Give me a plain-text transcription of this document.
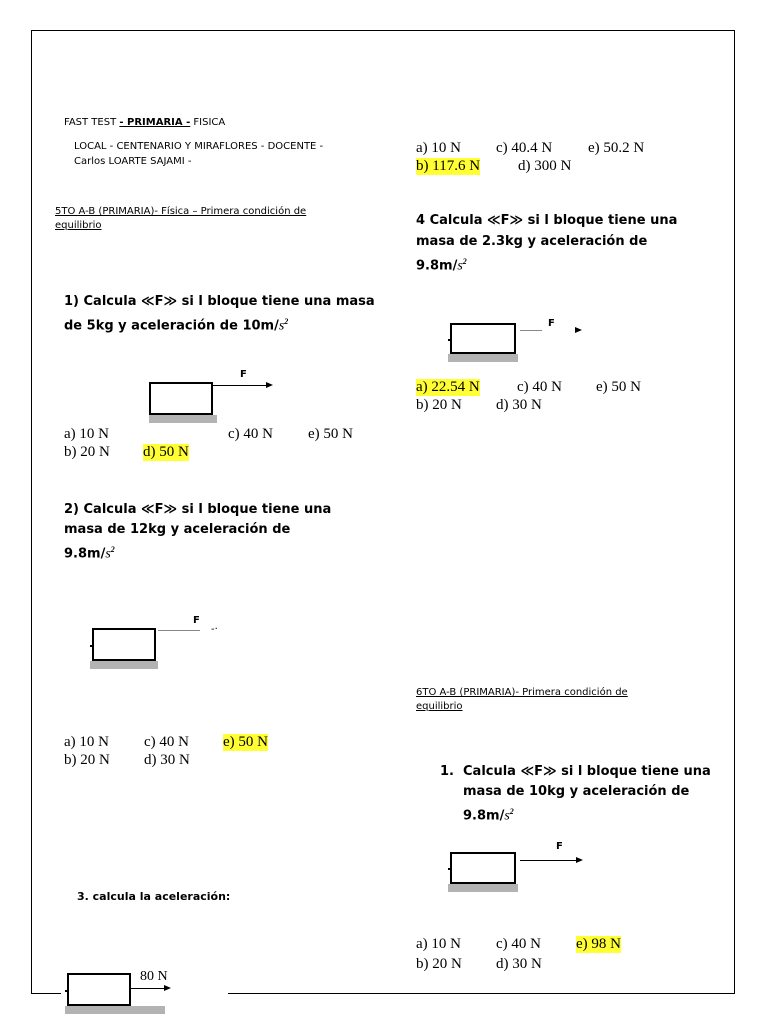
FAST TEST - PRIMARIA - FISICA
LOCAL - CENTENARIO Y MIRAFLORES - DOCENTE -
Carlos LOARTE SAJAMI -
5TO A-B (PRIMARIA)- Física – Primera condición de
equilibrio
1) Calcula ≪F≫ si l bloque tiene una masa
de 5kg y aceleración de $10m/s^2$
F
a) 10 N	c) 40 N e) 50 N
b) 20 N d) 50 N
2) Calcula ≪F≫ si l bloque tiene una
masa de 12kg y aceleración de
$9.8m/s^2$
-·
F
a) 10 N c) 40 N e) 50 N
b) 20 N d) 30 N
3. calcula la aceleración:
80 N
a) 10 N c) 40.4 N e) 50.2 N
b) 117.6 N	d) 300 N
4 Calcula ≪F≫ si l bloque tiene una
masa de 2.3kg y aceleración de
$9.8m/s^2$
F
a) 22.54 N c) 40 N e) 50 N
b) 20 N d) 30 N
6TO A-B (PRIMARIA)- Primera condición de
equilibrio
1. Calcula ≪F≫ si l bloque tiene una
masa de 10kg y aceleración de
$9.8m/s^2$
F
a) 10 N c) 40 N e) 98 N
b) 20 N d) 30 N
